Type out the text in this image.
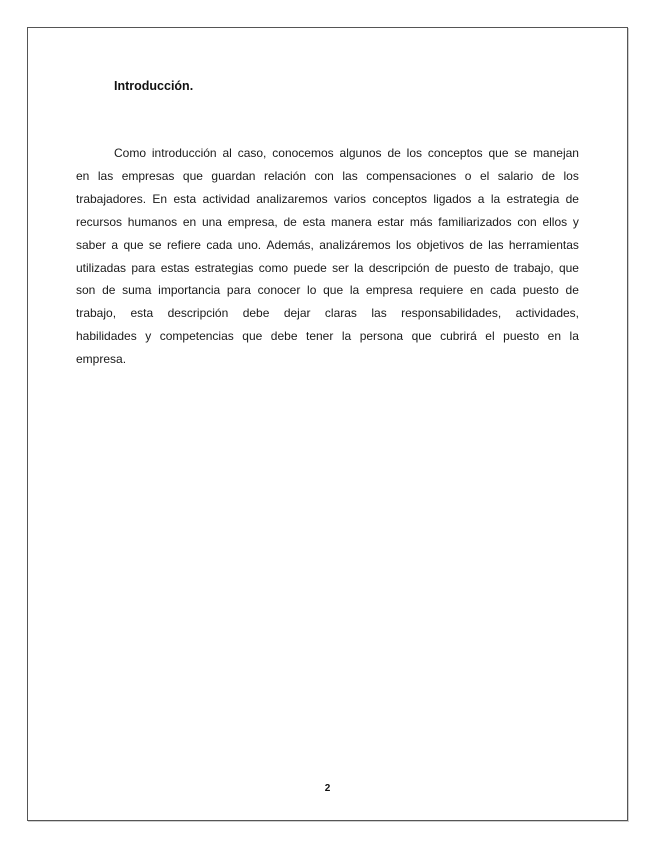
Introducción.

Como introducción al caso, conocemos algunos de los conceptos que se manejan
en las empresas que guardan relación con las compensaciones o el salario de los
trabajadores. En esta actividad analizaremos varios conceptos ligados a la estrategia de
recursos humanos en una empresa, de esta manera estar más familiarizados con ellos y
saber a que se refiere cada uno. Además, analizáremos los objetivos de las herramientas
utilizadas para estas estrategias como puede ser la descripción de puesto de trabajo, que
son de suma importancia para conocer lo que la empresa requiere en cada puesto de
trabajo, esta descripción debe dejar claras las responsabilidades, actividades,
habilidades y competencias que debe tener la persona que cubrirá el puesto en la
empresa.

2
